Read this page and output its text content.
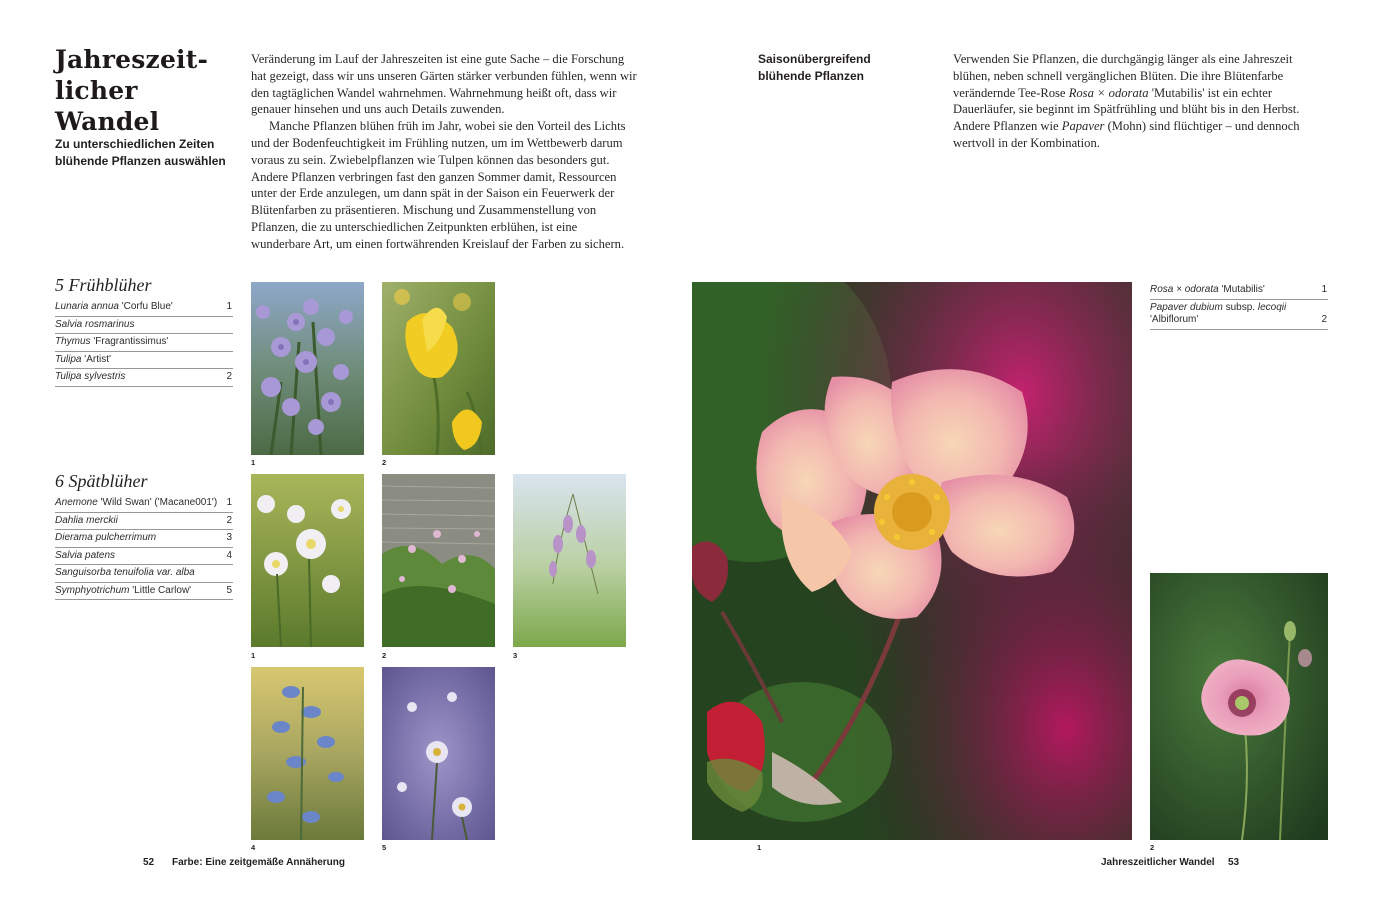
Jahreszeit-
licher Wandel
Zu unterschiedlichen Zeiten blühende Pflanzen auswählen

Veränderung im Lauf der Jahreszeiten ist eine gute Sache – die Forschung hat gezeigt, dass wir uns unseren Gärten stärker verbunden fühlen, wenn wir den tagtäglichen Wandel wahrnehmen. Wahrnehmung heißt oft, dass wir genauer hinsehen und uns auch Details zuwenden.

Manche Pflanzen blühen früh im Jahr, wobei sie den Vorteil des Lichts und der Bodenfeuchtigkeit im Frühling nutzen, um im Wettbewerb darum voraus zu sein. Zwiebelpflanzen wie Tulpen können das besonders gut. Andere Pflanzen verbringen fast den ganzen Sommer damit, Ressourcen unter der Erde anzulegen, um dann spät in der Saison ein Feuerwerk der Blütenfarben zu präsentieren. Mischung und Zusammenstellung von Pflanzen, die zu unterschiedlichen Zeitpunkten erblühen, ist eine wunderbare Art, um einen fortwährenden Kreislauf der Farben zu sichern.

5 Frühblüher
Lunaria annua 'Corfu Blue'	1
Salvia rosmarinus
Thymus 'Fragrantissimus'
Tulipa 'Artist'
Tulipa sylvestris	2
6 Spätblüher
Anemone 'Wild Swan' ('Macane001') 1
Dahlia merckii	2
Dierama pulcherrimum	3
Salvia patens	4
Sanguisorba tenuifolia var. alba
Symphyotrichum 'Little Carlow'	5
1	2
1	2	3
4	5
52 Farbe: Eine zeitgemäße Annäherung
Saisonübergreifend blühende Pflanzen

Verwenden Sie Pflanzen, die durchgängig länger als eine Jahreszeit blühen, neben schnell vergänglichen Blüten. Die ihre Blütenfarbe verändernde Tee-Rose Rosa × odorata 'Mutabilis' ist ein echter Dauerläufer, sie beginnt im Spätfrühling und blüht bis in den Herbst. Andere Pflanzen wie Papaver (Mohn) sind flüchtiger – und dennoch wertvoll in der Kombination.

Rosa × odorata 'Mutabilis'	1
Papaver dubium subsp. lecoqii 'Albiflorum'	2
1	2
Jahreszeitlicher Wandel 53
